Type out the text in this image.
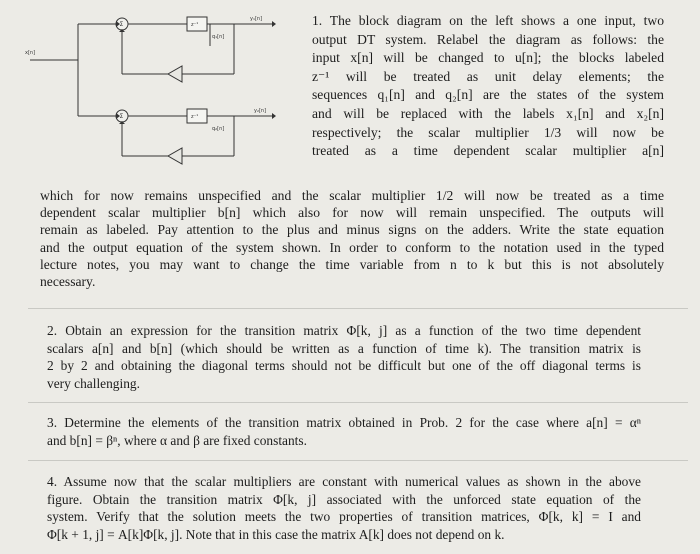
x[n]
Σ
Σ
z⁻¹
z⁻¹
q₁[n]
q₂[n]
y₁[n]
y₂[n]
1. The block diagram on the left shows a one input, two
output DT system. Relabel the diagram as follows: the
input x[n] will be changed to u[n]; the blocks labeled
z⁻¹ will be treated as unit delay elements; the
sequences q₁[n] and q₂[n] are the states of the system
and will be replaced with the labels x₁[n] and x₂[n]
respectively; the scalar multiplier 1/3 will now be
treated as a time dependent scalar multiplier a[n]
which for now remains unspecified and the scalar multiplier 1/2 will now be treated as a time
dependent scalar multiplier b[n] which also for now will remain unspecified. The outputs will
remain as labeled. Pay attention to the plus and minus signs on the adders. Write the state equation
and the output equation of the system shown. In order to conform to the notation used in the typed
lecture notes, you may want to change the time variable from n to k but this is not absolutely
necessary.
2. Obtain an expression for the transition matrix Φ[k, j] as a function of the two time dependent
scalars a[n] and b[n] (which should be written as a function of time k). The transition matrix is
2 by 2 and obtaining the diagonal terms should not be difficult but one of the off diagonal terms is
very challenging.
3. Determine the elements of the transition matrix obtained in Prob. 2 for the case where a[n] = αⁿ
and b[n] = βⁿ, where α and β are fixed constants.
4. Assume now that the scalar multipliers are constant with numerical values as shown in the above
figure. Obtain the transition matrix Φ[k, j] associated with the unforced state equation of the
system. Verify that the solution meets the two properties of transition matrices, Φ[k, k] = I and
Φ[k + 1, j] = A[k]Φ[k, j]. Note that in this case the matrix A[k] does not depend on k.
